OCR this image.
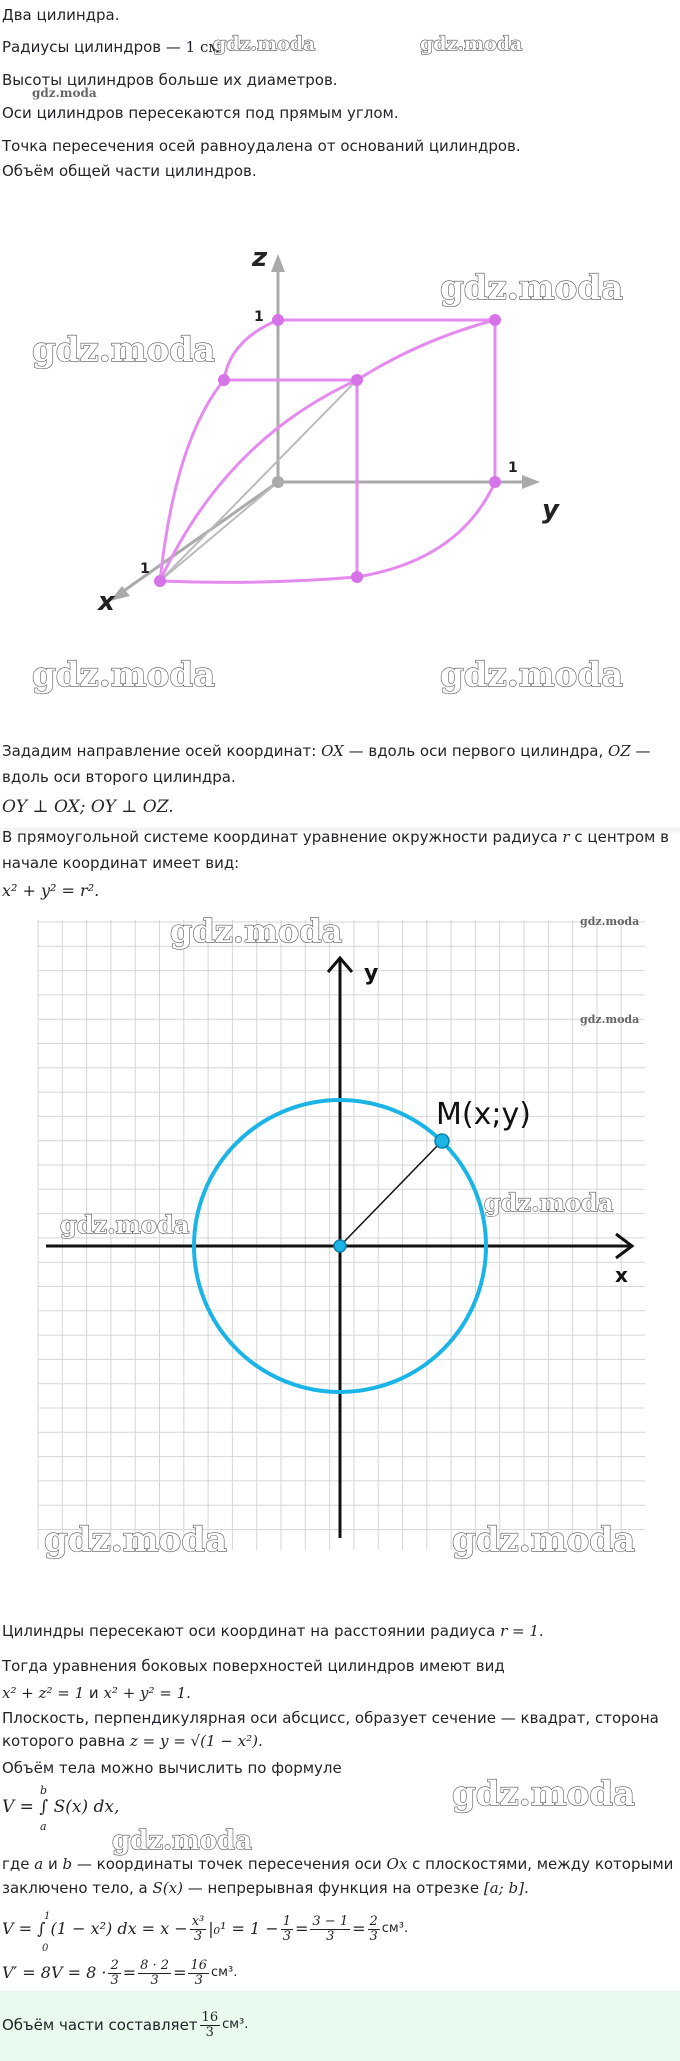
Два цилиндра.
Радиусы цилиндров — 1 см.
Высоты цилиндров больше их диаметров.
Оси цилиндров пересекаются под прямым углом.
Точка пересечения осей равноудалена от оснований цилиндров.
Объём общей части цилиндров.
z
y
x
1
1
1
Зададим направление осей координат: OX — вдоль оси первого цилиндра, OZ —
вдоль оси второго цилиндра.
OY ⊥ OX; OY ⊥ OZ.
В прямоугольной системе координат уравнение окружности радиуса r с центром в
начале координат имеет вид:
x² + y² = r².
M(x;y)
y
x
Цилиндры пересекают оси координат на расстоянии радиуса r = 1.
Тогда уравнения боковых поверхностей цилиндров имеют вид
x² + z² = 1 и x² + y² = 1.
Плоскость, перпендикулярная оси абсцисс, образует сечение — квадрат, сторона
которого равна z = y = √(1 − x²).
Объём тела можно вычислить по формуле
V = ∫ S(x) dx,
b
a
где a и b — координаты точек пересечения оси Ox с плоскостями, между которыми
заключено тело, а S(x) — непрерывная функция на отрезке [a; b].
V = ∫ (1 − x²) dx = $x - \frac{\text{x³}}{3} |_0^1 = 1 - \frac{1}{3} = \frac{3 - 1}{3} = \frac{2}{3} см^3$.
1
0
$V' = 8V = 8 \cdot \frac{2}{3} = \frac{8 \cdot 2}{3} = \frac{16}{3} см^3$.
Объём части составляет $\frac{16}{3} см^3$.
gdz.moda	gdz.moda
gdz.moda
gdz.moda
gdz.moda
gdz.moda	gdz.moda
gdz.moda	gdz.moda
gdz.moda
gdz.moda
gdz.moda
gdz.moda	gdz.moda
gdz.moda
gdz.moda
